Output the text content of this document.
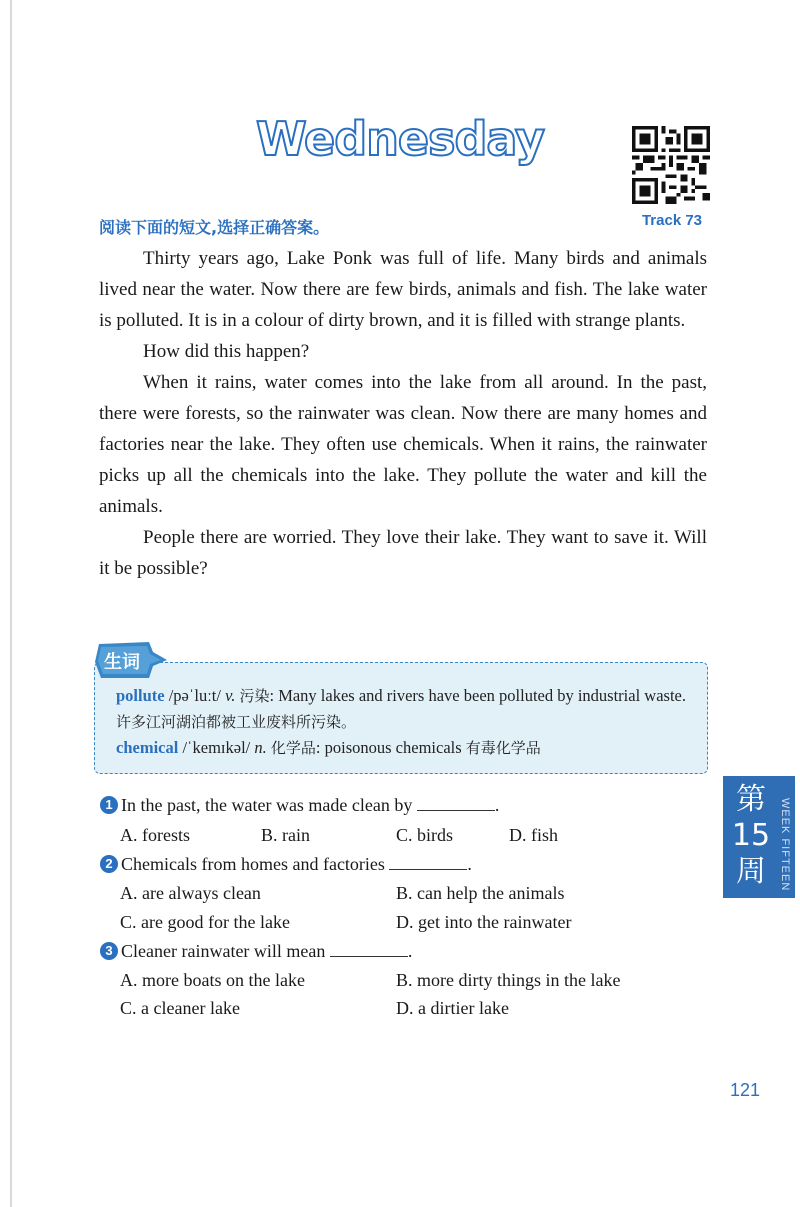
Wednesday
Track 73
阅读下面的短文,选择正确答案。

Thirty years ago, Lake Ponk was full of life. Many birds and animals lived near the water. Now there are few birds, animals and fish. The lake water is polluted. It is in a colour of dirty brown, and it is filled with strange plants.

How did this happen?

When it rains, water comes into the lake from all around. In the past, there were forests, so the rainwater was clean. Now there are many homes and factories near the lake. They often use chemicals. When it rains, the rainwater picks up all the chemicals into the lake. They pollute the water and kill the animals.

People there are worried. They love their lake. They want to save it. Will it be possible?

生词

pollute /pəˈluːt/ v. 污染: Many lakes and rivers have been polluted by industrial waste. 许多江河湖泊都被工业废料所污染。

chemical /ˈkemɪkəl/ n. 化学品: poisonous chemicals 有毒化学品

1 In the past, the water was made clean by	.
A. forests	B. rain	C. birds	D. fish
2 Chemicals from homes and factories	.
A. are always clean	B. can help the animals
C. are good for the lake	D. get into the rainwater
3 Cleaner rainwater will mean	.
A. more boats on the lake	B. more dirty things in the lake
C. a cleaner lake	D. a dirtier lake
第15周	WEEK FIFTEEN
121
